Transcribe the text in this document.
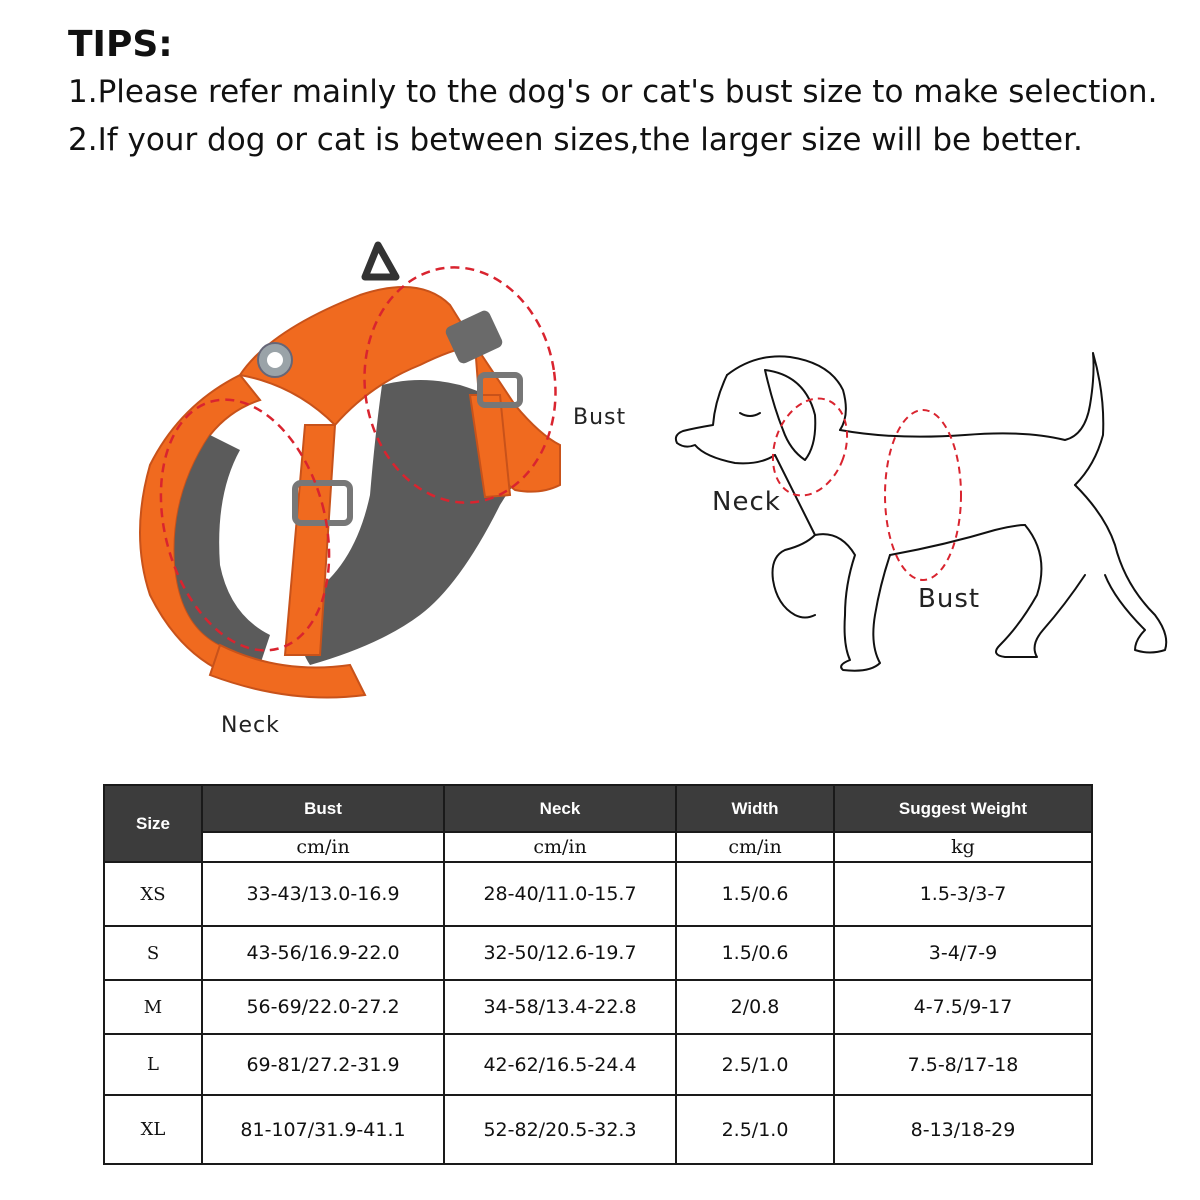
TIPS:

1.Please refer mainly to the dog's or cat's bust size to make selection.

2.If your dog or cat is between sizes,the larger size will be better.

Bust
Neck
Neck
Bust
Size	Bust	Neck	Width	Suggest Weight
	cm/in	cm/in	cm/in	kg
XS	33-43/13.0-16.9	28-40/11.0-15.7	1.5/0.6	1.5-3/3-7
S	43-56/16.9-22.0	32-50/12.6-19.7	1.5/0.6	3-4/7-9
M	56-69/22.0-27.2	34-58/13.4-22.8	2/0.8	4-7.5/9-17
L	69-81/27.2-31.9	42-62/16.5-24.4	2.5/1.0	7.5-8/17-18
XL	81-107/31.9-41.1	52-82/20.5-32.3	2.5/1.0	8-13/18-29
